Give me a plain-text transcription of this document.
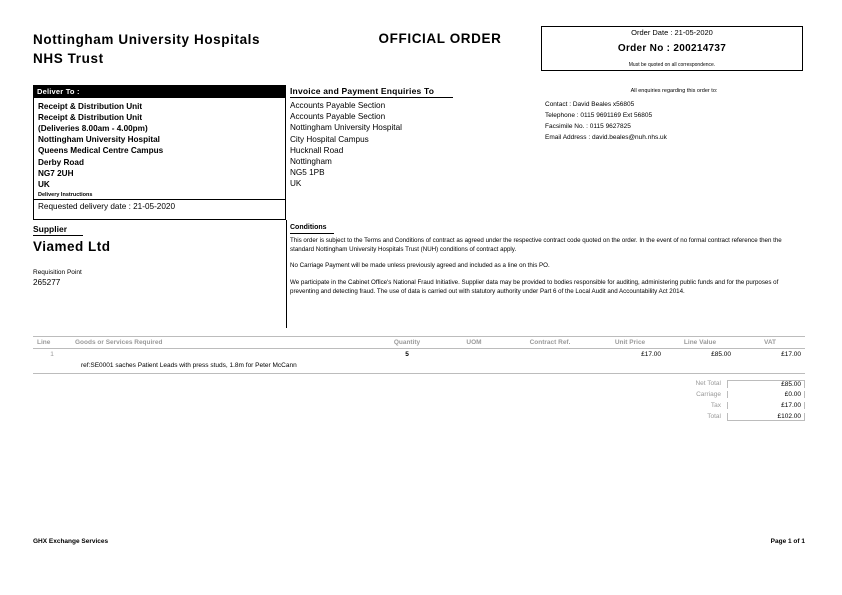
Nottingham University Hospitals
NHS Trust
OFFICIAL ORDER	Order Date : 21-05-2020
Order No : 200214737
Must be quoted on all correspondence.
Deliver To :
Receipt & Distribution Unit
Receipt & Distribution Unit
(Deliveries 8.00am - 4.00pm)
Nottingham University Hospital
Queens Medical Centre Campus
Derby Road
NG7 2UH
UK
Delivery Instructions
Requested delivery date : 21-05-2020
Invoice and Payment Enquiries To
Accounts Payable Section
Accounts Payable Section
Nottingham University Hospital
City Hospital Campus
Hucknall Road
Nottingham
NG5 1PB
UK
All enquiries regarding this order to:
Contact : David Beales x56805
Telephone : 0115 9691169 Ext 56805
Facsimile No. : 0115 9627825
Email Address : david.beales@nuh.nhs.uk
Supplier
Viamed Ltd
Requisition Point
265277
Conditions

This order is subject to the Terms and Conditions of contract as agreed under the respective contract code quoted on the order. In the event of no formal contract reference then the standard Nottingham University Hospitals Trust (NUH) conditions of contract apply.

No Carriage Payment will be made unless previously agreed and included as a line on this PO.

We participate in the Cabinet Office's National Fraud Initiative. Supplier data may be provided to bodies responsible for auditing, administering public funds and for the purposes of preventing and detecting fraud. The use of data is carried out with statutory authority under Part 6 of the Local Audit and Accountability Act 2014.

Line	Goods or Services Required	Quantity	UOM	Contract Ref.	Unit Price	Line Value	VAT
1		5			£17.00	£85.00	£17.00
ref:SE0001 saches Patient Leads with press studs, 1.8m for Peter McCann							
Net Total	£85.00
Carriage	£0.00
Tax	£17.00
Total	£102.00
GHX Exchange Services	Page 1 of 1
